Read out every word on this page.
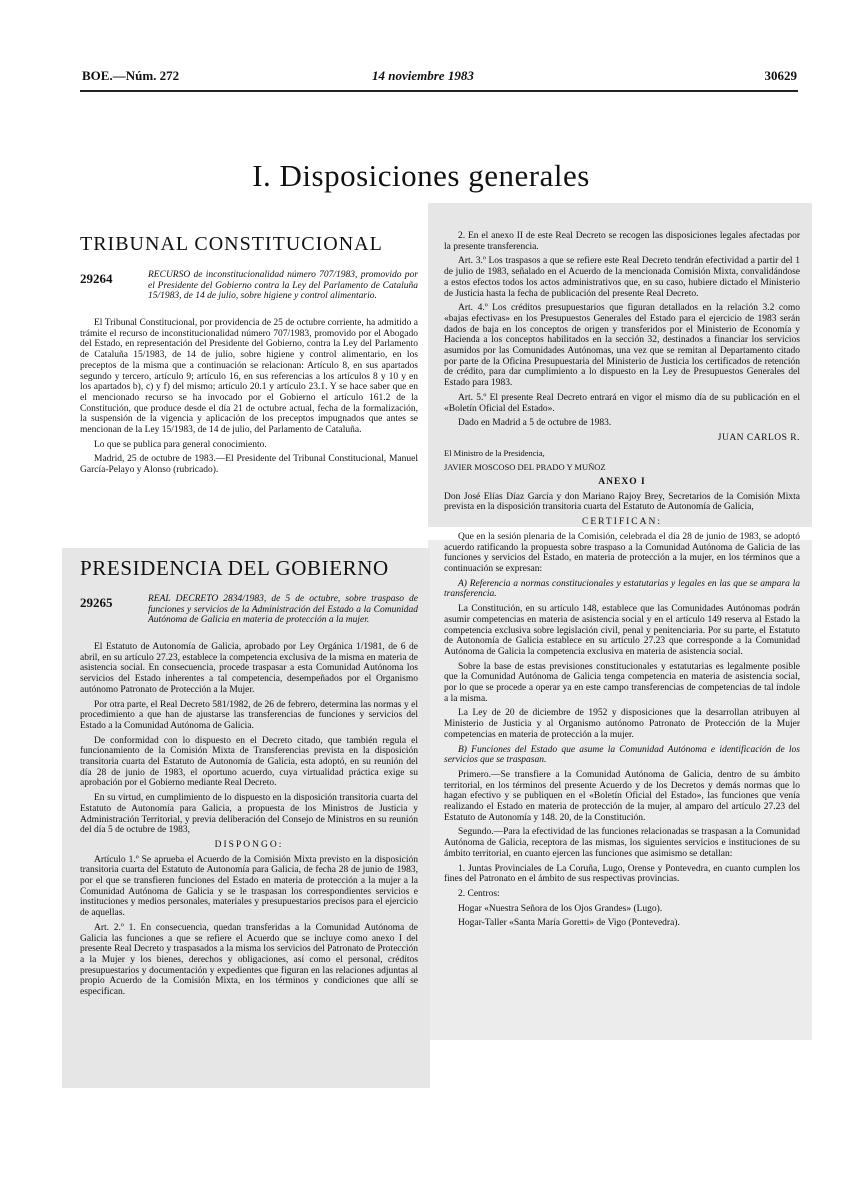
BOE.—Núm. 272	14 noviembre 1983	30629
I. Disposiciones generales
TRIBUNAL CONSTITUCIONAL
29264	RECURSO de inconstitucionalidad número 707/1983, promovido por el Presidente del Gobierno contra la Ley del Parlamento de Cataluña 15/1983, de 14 de julio, sobre higiene y control alimentario.

El Tribunal Constitucional, por providencia de 25 de octubre corriente, ha admitido a trámite el recurso de inconstitucionalidad número 707/1983, promovido por el Abogado del Estado, en representación del Presidente del Gobierno, contra la Ley del Parlamento de Cataluña 15/1983, de 14 de julio, sobre higiene y control alimentario, en los preceptos de la misma que a continuación se relacionan: Artículo 8, en sus apartados segundo y tercero, artículo 9; artículo 16, en sus referencias a los artículos 8 y 10 y en los apartados b), c) y f) del mismo; artículo 20.1 y artículo 23.1. Y se hace saber que en el mencionado recurso se ha invocado por el Gobierno el artículo 161.2 de la Constitución, que produce desde el día 21 de octubre actual, fecha de la formalización, la suspensión de la vigencia y aplicación de los preceptos impugnados que antes se mencionan de la Ley 15/1983, de 14 de julio, del Parlamento de Cataluña.

Lo que se publica para general conocimiento.

Madrid, 25 de octubre de 1983.—El Presidente del Tribunal Constitucional, Manuel García-Pelayo y Alonso (rubricado).

PRESIDENCIA DEL GOBIERNO
29265	REAL DECRETO 2834/1983, de 5 de octubre, sobre traspaso de funciones y servicios de la Administración del Estado a la Comunidad Autónoma de Galicia en materia de protección a la mujer.

El Estatuto de Autonomía de Galicia, aprobado por Ley Orgánica 1/1981, de 6 de abril, en su artículo 27.23, establece la competencia exclusiva de la misma en materia de asistencia social. En consecuencia, procede traspasar a esta Comunidad Autónoma los servicios del Estado inherentes a tal competencia, desempeñados por el Organismo autónomo Patronato de Protección a la Mujer.

Por otra parte, el Real Decreto 581/1982, de 26 de febrero, determina las normas y el procedimiento a que han de ajustarse las transferencias de funciones y servicios del Estado a la Comunidad Autónoma de Galicia.

De conformidad con lo dispuesto en el Decreto citado, que también regula el funcionamiento de la Comisión Mixta de Transferencias prevista en la disposición transitoria cuarta del Estatuto de Autonomía de Galicia, esta adoptó, en su reunión del día 28 de junio de 1983, el oportuno acuerdo, cuya virtualidad práctica exige su aprobación por el Gobierno mediante Real Decreto.

En su virtud, en cumplimiento de lo dispuesto en la disposición transitoria cuarta del Estatuto de Autonomía para Galicia, a propuesta de los Ministros de Justicia y Administración Territorial, y previa deliberación del Consejo de Ministros en su reunión del día 5 de octubre de 1983,

DISPONGO:

Artículo 1.º Se aprueba el Acuerdo de la Comisión Mixta previsto en la disposición transitoria cuarta del Estatuto de Autonomía para Galicia, de fecha 28 de junio de 1983, por el que se transfieren funciones del Estado en materia de protección a la mujer a la Comunidad Autónoma de Galicia y se le traspasan los correspondientes servicios e instituciones y medios personales, materiales y presupuestarios precisos para el ejercicio de aquellas.

Art. 2.º 1. En consecuencia, quedan transferidas a la Comunidad Autónoma de Galicia las funciones a que se refiere el Acuerdo que se incluye como anexo I del presente Real Decreto y traspasados a la misma los servicios del Patronato de Protección a la Mujer y los bienes, derechos y obligaciones, así como el personal, créditos presupuestarios y documentación y expedientes que figuran en las relaciones adjuntas al propio Acuerdo de la Comisión Mixta, en los términos y condiciones que allí se especifican.

2. En el anexo II de este Real Decreto se recogen las disposiciones legales afectadas por la presente transferencia.

Art. 3.º Los traspasos a que se refiere este Real Decreto tendrán efectividad a partir del 1 de julio de 1983, señalado en el Acuerdo de la mencionada Comisión Mixta, convalidándose a estos efectos todos los actos administrativos que, en su caso, hubiere dictado el Ministerio de Justicia hasta la fecha de publicación del presente Real Decreto.

Art. 4.º Los créditos presupuestarios que figuran detallados en la relación 3.2 como «bajas efectivas» en los Presupuestos Generales del Estado para el ejercicio de 1983 serán dados de baja en los conceptos de origen y transferidos por el Ministerio de Economía y Hacienda a los conceptos habilitados en la sección 32, destinados a financiar los servicios asumidos por las Comunidades Autónomas, una vez que se remitan al Departamento citado por parte de la Oficina Presupuestaria del Ministerio de Justicia los certificados de retención de crédito, para dar cumplimiento a lo dispuesto en la Ley de Presupuestos Generales del Estado para 1983.

Art. 5.º El presente Real Decreto entrará en vigor el mismo día de su publicación en el «Boletín Oficial del Estado».

Dado en Madrid a 5 de octubre de 1983.

JUAN CARLOS R.

El Ministro de la Presidencia,

JAVIER MOSCOSO DEL PRADO Y MUÑOZ

ANEXO I

Don José Elías Díaz García y don Mariano Rajoy Brey, Secretarios de la Comisión Mixta prevista en la disposición transitoria cuarta del Estatuto de Autonomía de Galicia,

CERTIFICAN:

Que en la sesión plenaria de la Comisión, celebrada el día 28 de junio de 1983, se adoptó acuerdo ratificando la propuesta sobre traspaso a la Comunidad Autónoma de Galicia de las funciones y servicios del Estado, en materia de protección a la mujer, en los términos que a continuación se expresan:

A) Referencia a normas constitucionales y estatutarias y legales en las que se ampara la transferencia.

La Constitución, en su artículo 148, establece que las Comunidades Autónomas podrán asumir competencias en materia de asistencia social y en el artículo 149 reserva al Estado la competencia exclusiva sobre legislación civil, penal y penitenciaria. Por su parte, el Estatuto de Autonomía de Galicia establece en su artículo 27.23 que corresponde a la Comunidad Autónoma de Galicia la competencia exclusiva en materia de asistencia social.

Sobre la base de estas previsiones constitucionales y estatutarias es legalmente posible que la Comunidad Autónoma de Galicia tenga competencia en materia de asistencia social, por lo que se procede a operar ya en este campo transferencias de competencias de tal índole a la misma.

La Ley de 20 de diciembre de 1952 y disposiciones que la desarrollan atribuyen al Ministerio de Justicia y al Organismo autónomo Patronato de Protección de la Mujer competencias en materia de protección a la mujer.

B) Funciones del Estado que asume la Comunidad Autónoma e identificación de los servicios que se traspasan.

Primero.—Se transfiere a la Comunidad Autónoma de Galicia, dentro de su ámbito territorial, en los términos del presente Acuerdo y de los Decretos y demás normas que lo hagan efectivo y se publiquen en el «Boletín Oficial del Estado», las funciones que venía realizando el Estado en materia de protección de la mujer, al amparo del artículo 27.23 del Estatuto de Autonomía y 148. 20, de la Constitución.

Segundo.—Para la efectividad de las funciones relacionadas se traspasan a la Comunidad Autónoma de Galicia, receptora de las mismas, los siguientes servicios e instituciones de su ámbito territorial, en cuanto ejercen las funciones que asimismo se detallan:

1. Juntas Provinciales de La Coruña, Lugo, Orense y Pontevedra, en cuanto cumplen los fines del Patronato en el ámbito de sus respectivas provincias.

2. Centros:

Hogar «Nuestra Señora de los Ojos Grandes» (Lugo).

Hogar-Taller «Santa María Goretti» de Vigo (Pontevedra).
